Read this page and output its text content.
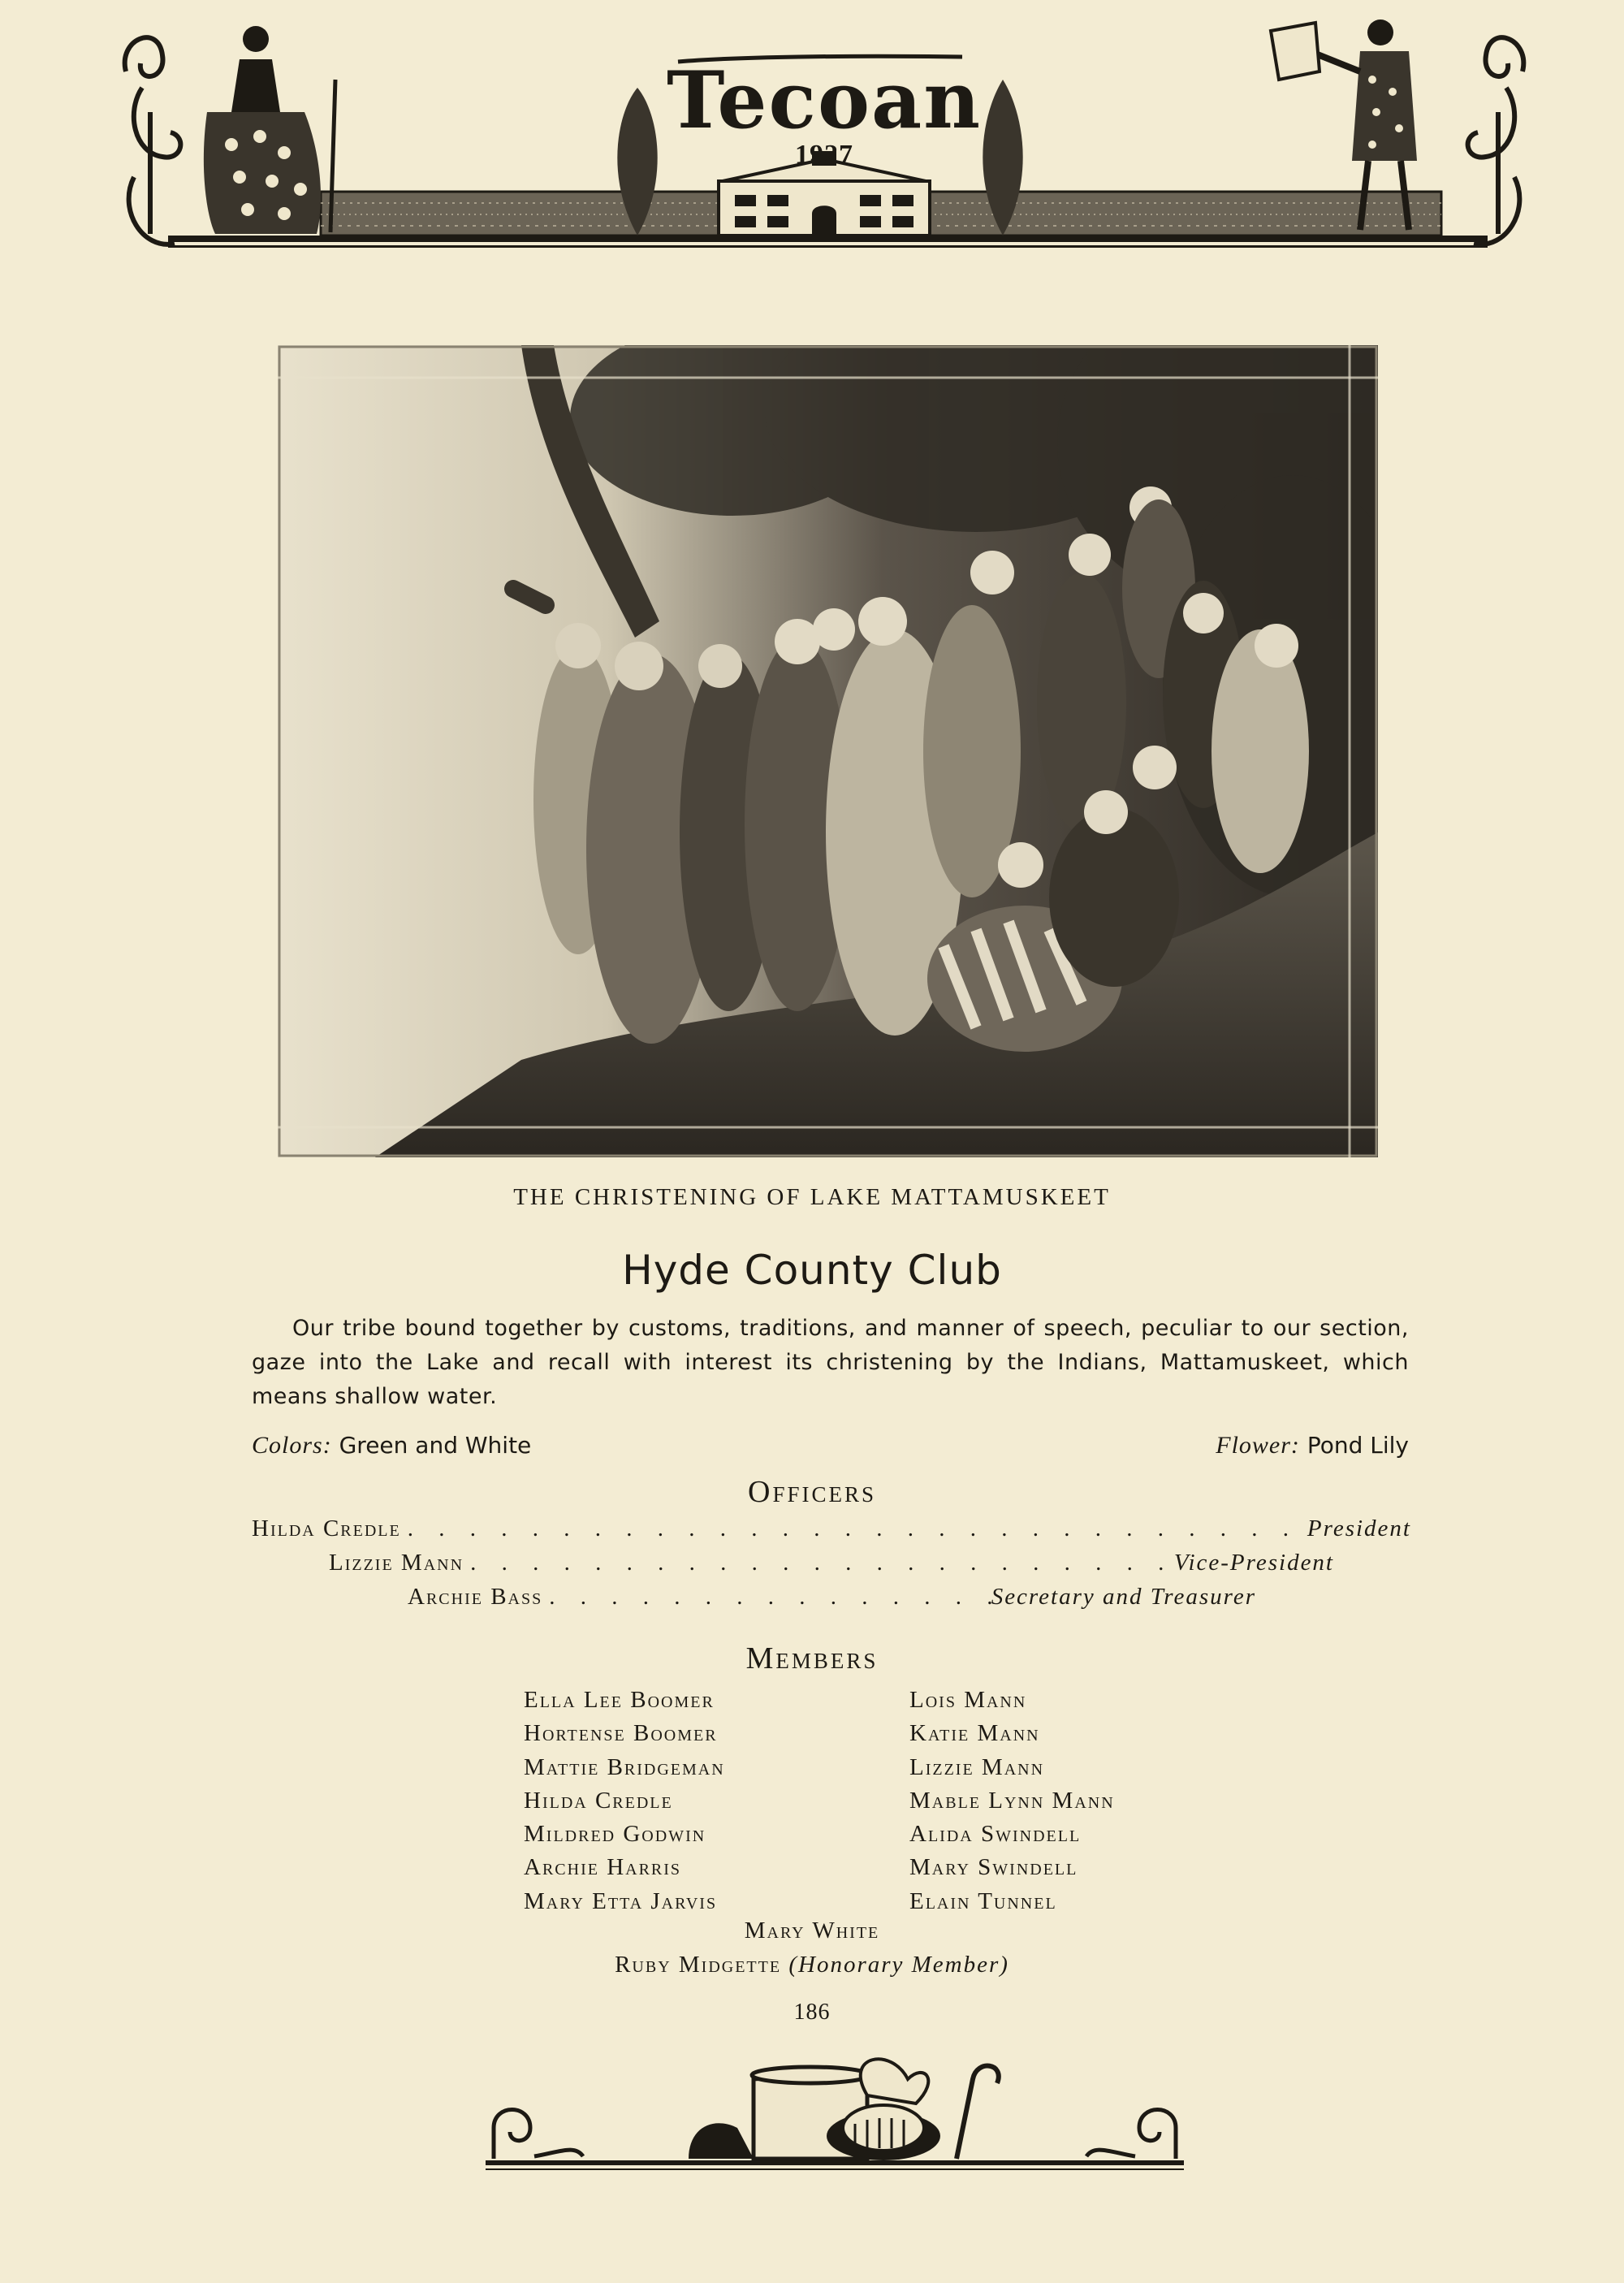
Tecoan
1927
THE CHRISTENING OF LAKE MATTAMUSKEET
Hyde County Club

Our tribe bound together by customs, traditions, and manner of speech, peculiar to our section, gaze into the Lake and recall with interest its christening by the Indians, Mattamuskeet, which means shallow water.

Colors: Green and White	Flower: Pond Lily
Officers
Hilda Credle . . .	President
Lizzie Mann . . .	Vice-President
Archie Bass . . .	Secretary and Treasurer
Members
Ella Lee Boomer
Hortense Boomer
Mattie Bridgeman
Hilda Credle
Mildred Godwin
Archie Harris
Mary Etta Jarvis
Lois Mann
Katie Mann
Lizzie Mann
Mable Lynn Mann
Alida Swindell
Mary Swindell
Elain Tunnel
Mary White
Ruby Midgette (Honorary Member)
186
